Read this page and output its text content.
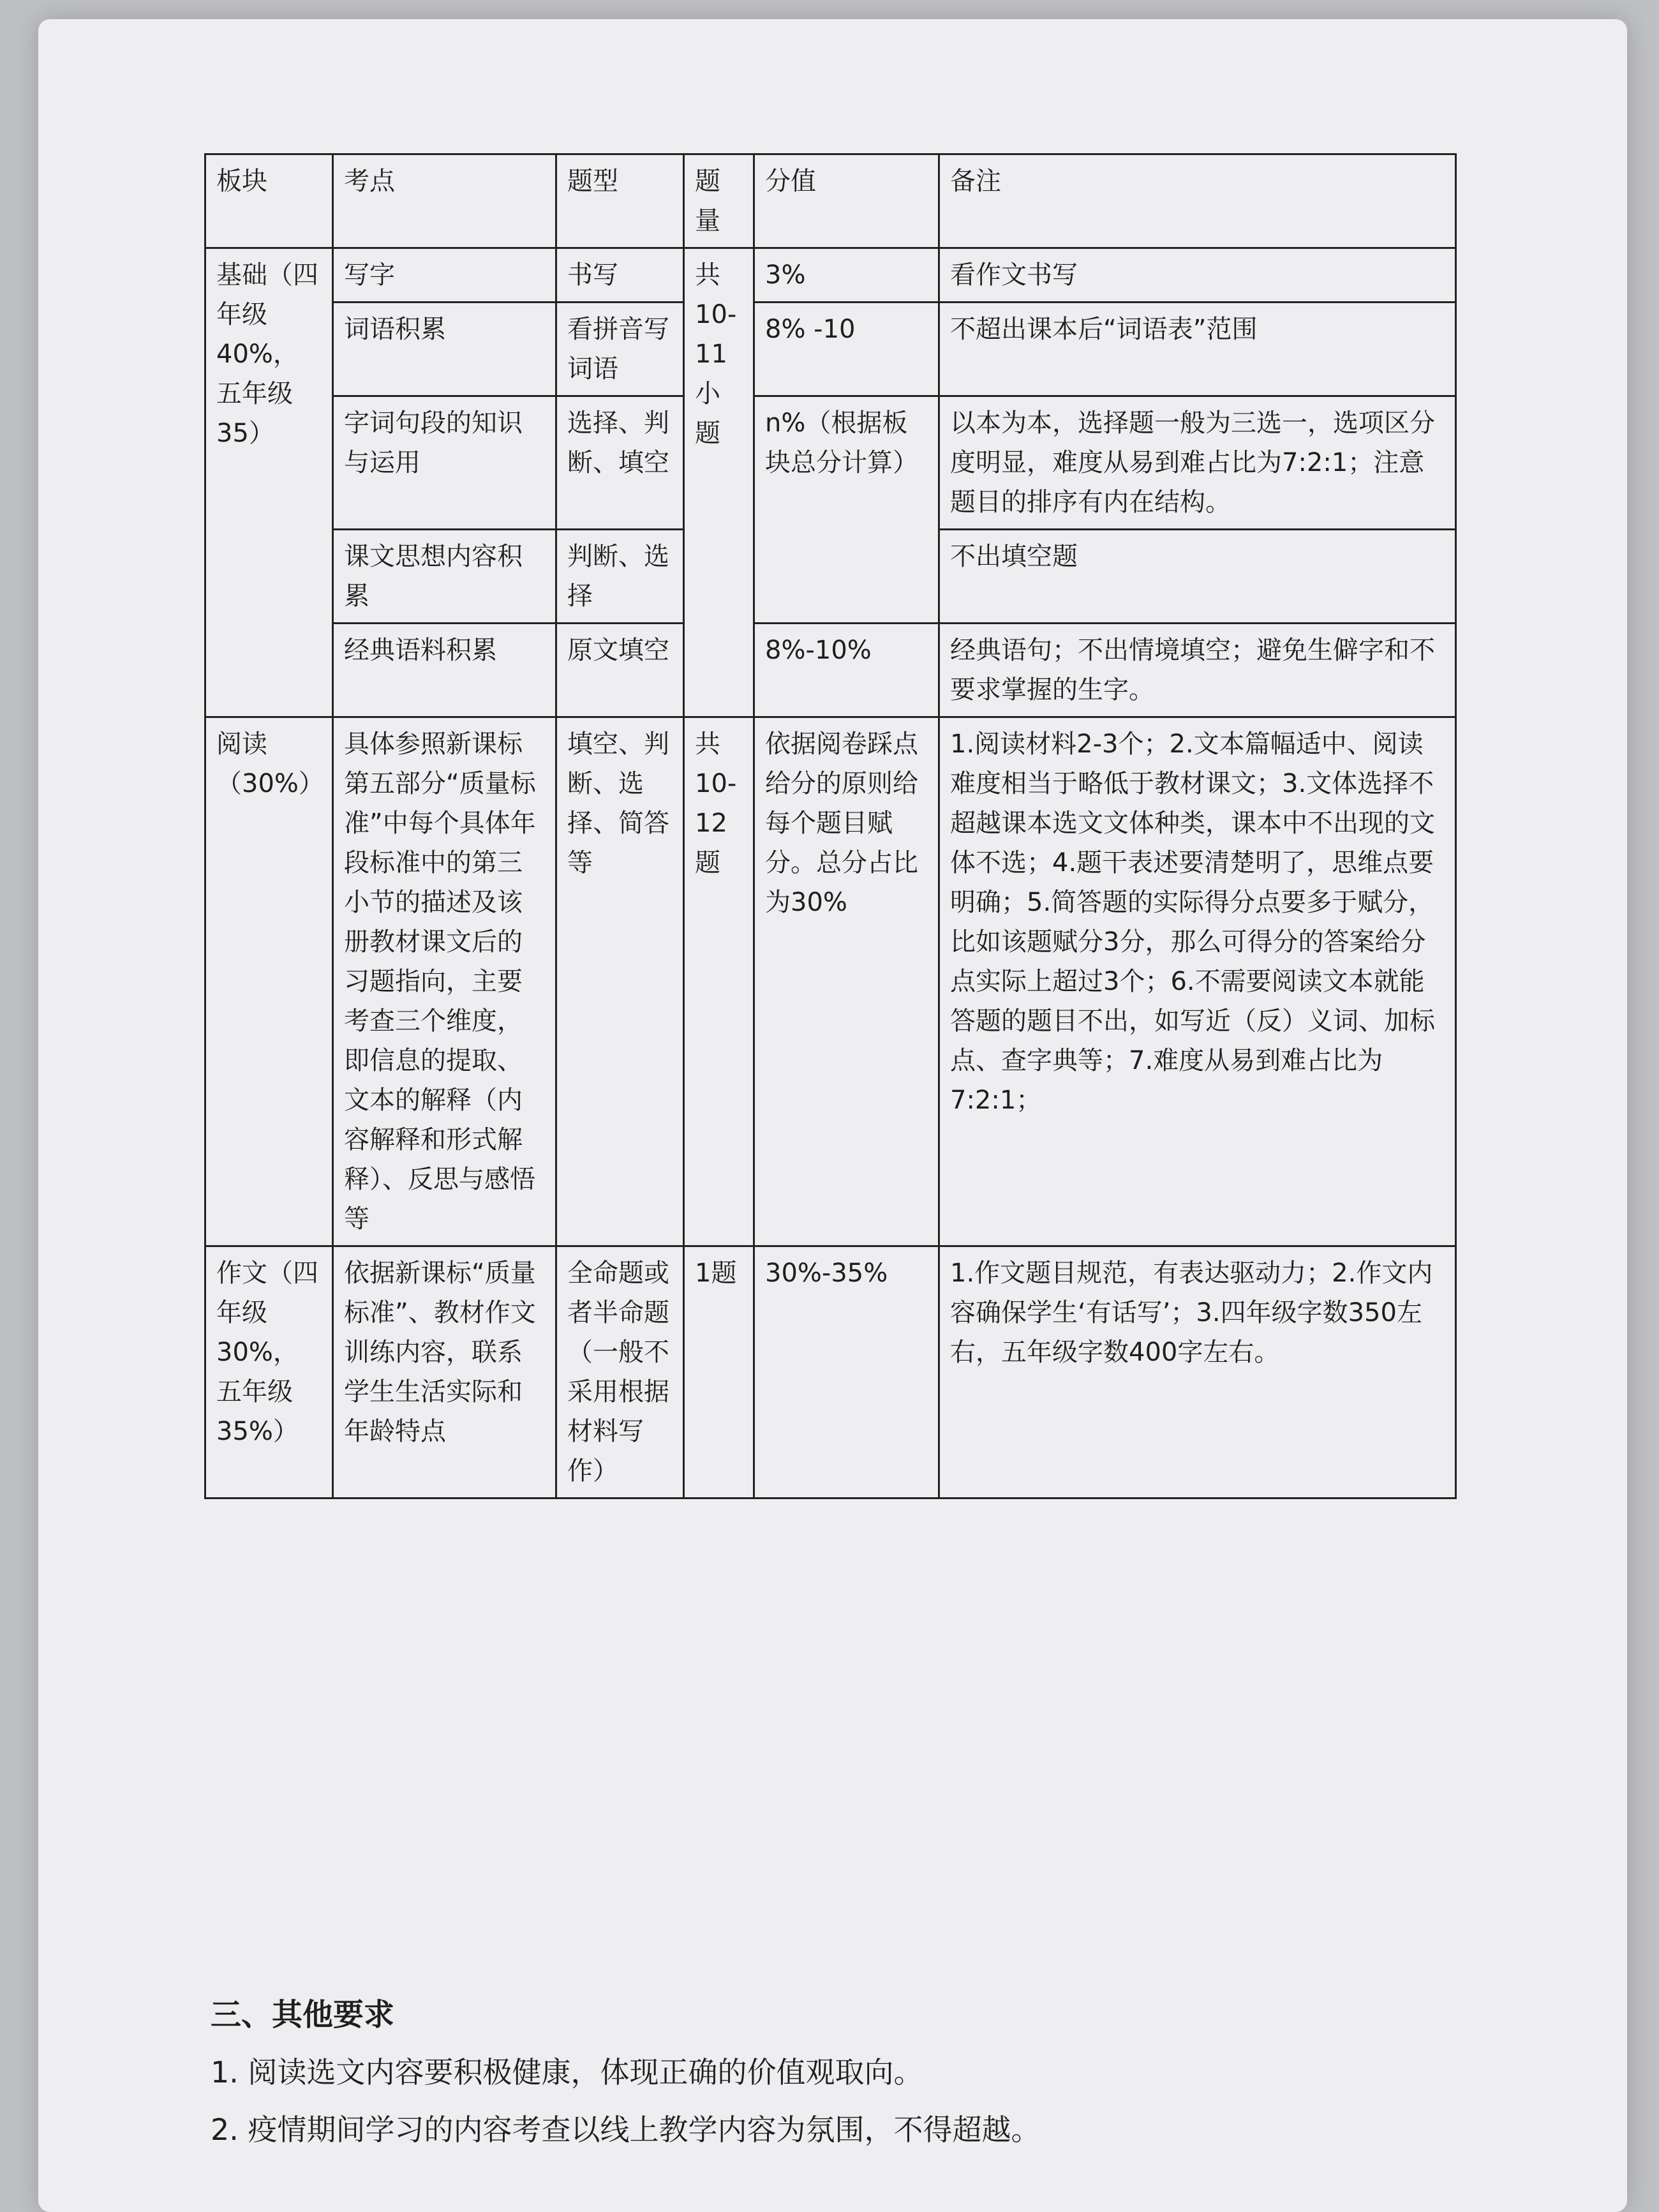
板块	考点	题型	题量	分值	备注
基础（四年级40%，五年级35）	写字	书写	共10-11小题	3%	看作文书写
	词语积累	看拼音写词语		8% -10	不超出课本后“词语表”范围
	字词句段的知识与运用	选择、判断、填空		n%（根据板块总分计算）	以本为本，选择题一般为三选一，选项区分度明显，难度从易到难占比为7:2:1；注意题目的排序有内在结构。
	课文思想内容积累	判断、选择			不出填空题
	经典语料积累	原文填空		8%-10%	经典语句；不出情境填空；避免生僻字和不要求掌握的生字。
阅读（30%）	具体参照新课标第五部分“质量标准”中每个具体年段标准中的第三小节的描述及该册教材课文后的习题指向，主要考查三个维度，即信息的提取、文本的解释（内容解释和形式解释）、反思与感悟等	填空、判断、选择、简答等	共10-12题	依据阅卷踩点给分的原则给每个题目赋分。总分占比为30%	1.阅读材料2-3个；2.文本篇幅适中、阅读难度相当于略低于教材课文；3.文体选择不超越课本选文文体种类，课本中不出现的文体不选；4.题干表述要清楚明了，思维点要明确；5.简答题的实际得分点要多于赋分，比如该题赋分3分，那么可得分的答案给分点实际上超过3个；6.不需要阅读文本就能答题的题目不出，如写近（反）义词、加标点、查字典等；7.难度从易到难占比为7:2:1；
作文（四年级30%，五年级35%）	依据新课标“质量标准”、教材作文训练内容，联系学生生活实际和年龄特点	全命题或者半命题（一般不采用根据材料写作）	1题	30%-35%	1.作文题目规范，有表达驱动力；2.作文内容确保学生‘有话写’；3.四年级字数350左右，五年级字数400字左右。
三、其他要求

1. 阅读选文内容要积极健康，体现正确的价值观取向。

2. 疫情期间学习的内容考查以线上教学内容为氛围，不得超越。
